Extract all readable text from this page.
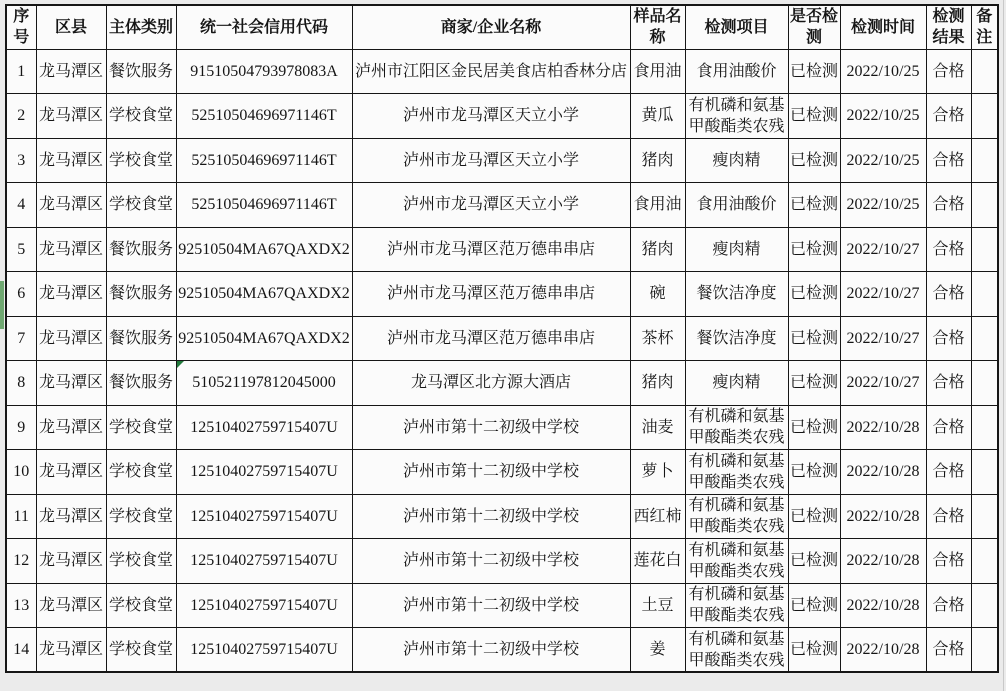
序号	区县	主体类别	统一社会信用代码	商家/企业名称	样品名称	检测项目	是否检测	检测时间	检测结果	备注
1	龙马潭区	餐饮服务	91510504793978083A	泸州市江阳区金民居美食店柏香林分店	食用油	食用油酸价	已检测	2022/10/25	合格	
2	龙马潭区	学校食堂	52510504696971146T	泸州市龙马潭区天立小学	黄瓜	有机磷和氨基甲酸酯类农残	已检测	2022/10/25	合格	
3	龙马潭区	学校食堂	52510504696971146T	泸州市龙马潭区天立小学	猪肉	瘦肉精	已检测	2022/10/25	合格	
4	龙马潭区	学校食堂	52510504696971146T	泸州市龙马潭区天立小学	食用油	食用油酸价	已检测	2022/10/25	合格	
5	龙马潭区	餐饮服务	92510504MA67QAXDX2	泸州市龙马潭区范万德串串店	猪肉	瘦肉精	已检测	2022/10/27	合格	
6	龙马潭区	餐饮服务	92510504MA67QAXDX2	泸州市龙马潭区范万德串串店	碗	餐饮洁净度	已检测	2022/10/27	合格	
7	龙马潭区	餐饮服务	92510504MA67QAXDX2	泸州市龙马潭区范万德串串店	茶杯	餐饮洁净度	已检测	2022/10/27	合格	
8	龙马潭区	餐饮服务	510521197812045000	龙马潭区北方源大酒店	猪肉	瘦肉精	已检测	2022/10/27	合格	
9	龙马潭区	学校食堂	12510402759715407U	泸州市第十二初级中学校	油麦	有机磷和氨基甲酸酯类农残	已检测	2022/10/28	合格	
10	龙马潭区	学校食堂	12510402759715407U	泸州市第十二初级中学校	萝卜	有机磷和氨基甲酸酯类农残	已检测	2022/10/28	合格	
11	龙马潭区	学校食堂	12510402759715407U	泸州市第十二初级中学校	西红柿	有机磷和氨基甲酸酯类农残	已检测	2022/10/28	合格	
12	龙马潭区	学校食堂	12510402759715407U	泸州市第十二初级中学校	莲花白	有机磷和氨基甲酸酯类农残	已检测	2022/10/28	合格	
13	龙马潭区	学校食堂	12510402759715407U	泸州市第十二初级中学校	土豆	有机磷和氨基甲酸酯类农残	已检测	2022/10/28	合格	
14	龙马潭区	学校食堂	12510402759715407U	泸州市第十二初级中学校	姜	有机磷和氨基甲酸酯类农残	已检测	2022/10/28	合格	
